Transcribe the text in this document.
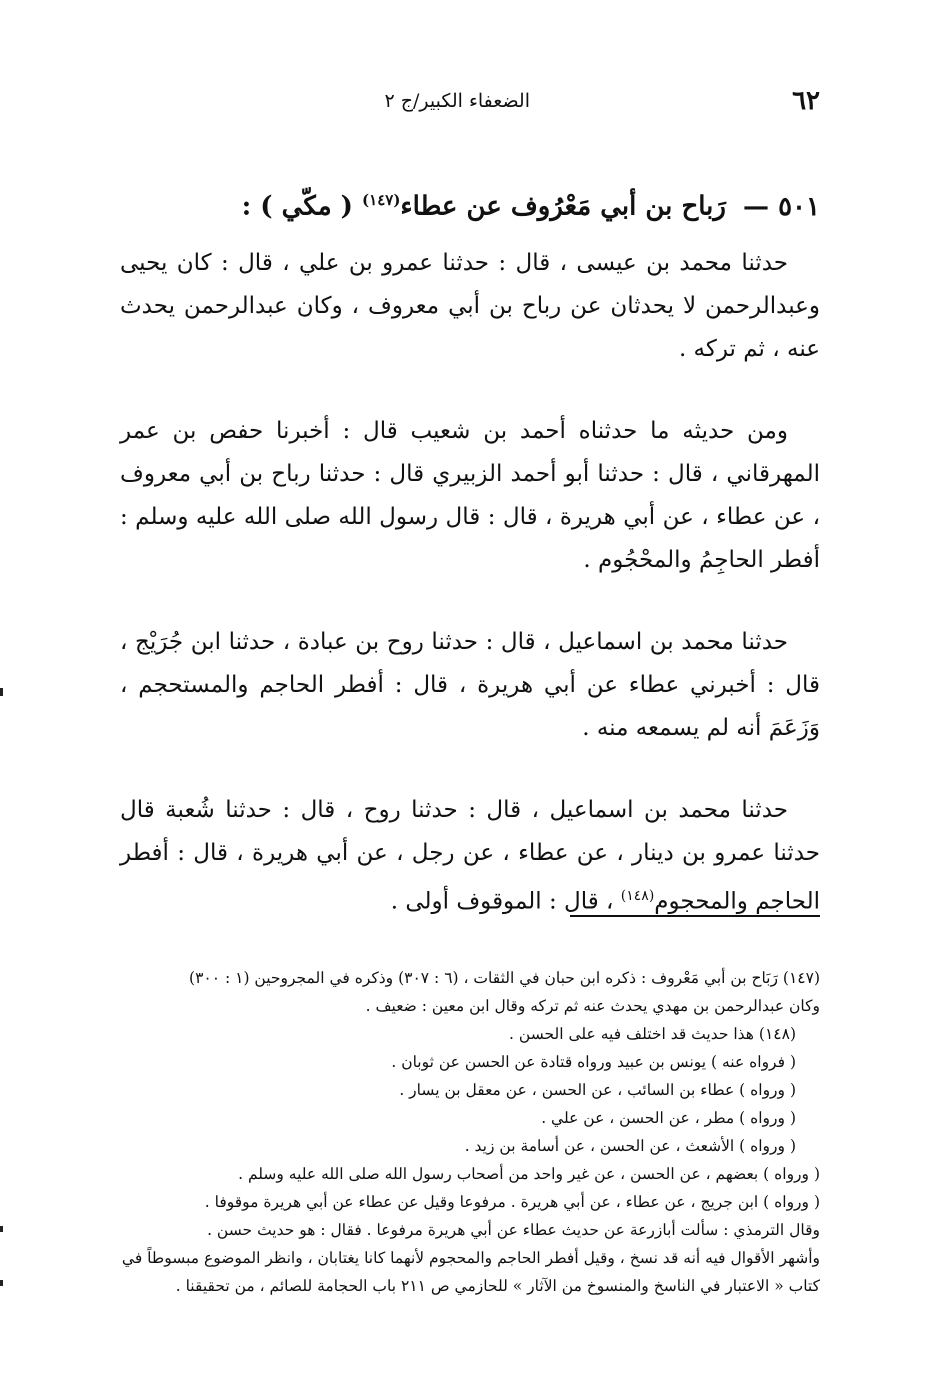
٦٢
الضعفاء الكبير/ج ٢
٥٠١ — رَباح بن أبي مَعْرُوف عن عطاء$^{(١٤٧)}$ ( مكّي ) :

حدثنا محمد بن عيسى ، قال : حدثنا عمرو بن علي ، قال : كان يحيى وعبدالرحمن لا يحدثان عن رباح بن أبي معروف ، وكان عبدالرحمن يحدث عنه ، ثم تركه .

ومن حديثه ما حدثناه أحمد بن شعيب قال : أخبرنا حفص بن عمر المهرقاني ، قال : حدثنا أبو أحمد الزبيري قال : حدثنا رباح بن أبي معروف ، عن عطاء ، عن أبي هريرة ، قال : قال رسول الله صلى الله عليه وسلم : أفطر الحاجِمُ والمحْجُوم .

حدثنا محمد بن اسماعيل ، قال : حدثنا روح بن عبادة ، حدثنا ابن جُرَيْج ، قال : أخبرني عطاء عن أبي هريرة ، قال : أفطر الحاجم والمستحجم ، وَزَعَمَ أنه لم يسمعه منه .

حدثنا محمد بن اسماعيل ، قال : حدثنا روح ، قال : حدثنا شُعبة قال حدثنا عمرو بن دينار ، عن عطاء ، عن رجل ، عن أبي هريرة ، قال : أفطر الحاجم والمحجوم$^{(١٤٨)}$ ، قال : الموقوف أولى .

(١٤٧) رَبَاح بن أبي مَعْروف : ذكره ابن حبان في الثقات ، (٦ : ٣٠٧) وذكره في المجروحين (١ : ٣٠٠)

وكان عبدالرحمن بن مهدي يحدث عنه ثم تركه وقال ابن معين : ضعيف .

(١٤٨) هذا حديث قد اختلف فيه على الحسن .

( فرواه عنه ) يونس بن عبيد ورواه قتادة عن الحسن عن ثوبان .

( ورواه ) عطاء بن السائب ، عن الحسن ، عن معقل بن يسار .

( ورواه ) مطر ، عن الحسن ، عن علي .

( ورواه ) الأشعث ، عن الحسن ، عن أسامة بن زيد .

( ورواه ) بعضهم ، عن الحسن ، عن غير واحد من أصحاب رسول الله صلى الله عليه وسلم .

( ورواه ) ابن جريج ، عن عطاء ، عن أبي هريرة . مرفوعا وقيل عن عطاء عن أبي هريرة موقوفا .

وقال الترمذي : سألت أبازرعة عن حديث عطاء عن أبي هريرة مرفوعا . فقال : هو حديث حسن .

وأشهر الأقوال فيه أنه قد نسخ ، وقيل أفطر الحاجم والمحجوم لأنهما كانا يغتابان ، وانظر الموضوع مبسوطاً في

كتاب « الاعتبار في الناسخ والمنسوخ من الآثار » للحازمي ص ٢١١ باب الحجامة للصائم ، من تحقيقنا .
